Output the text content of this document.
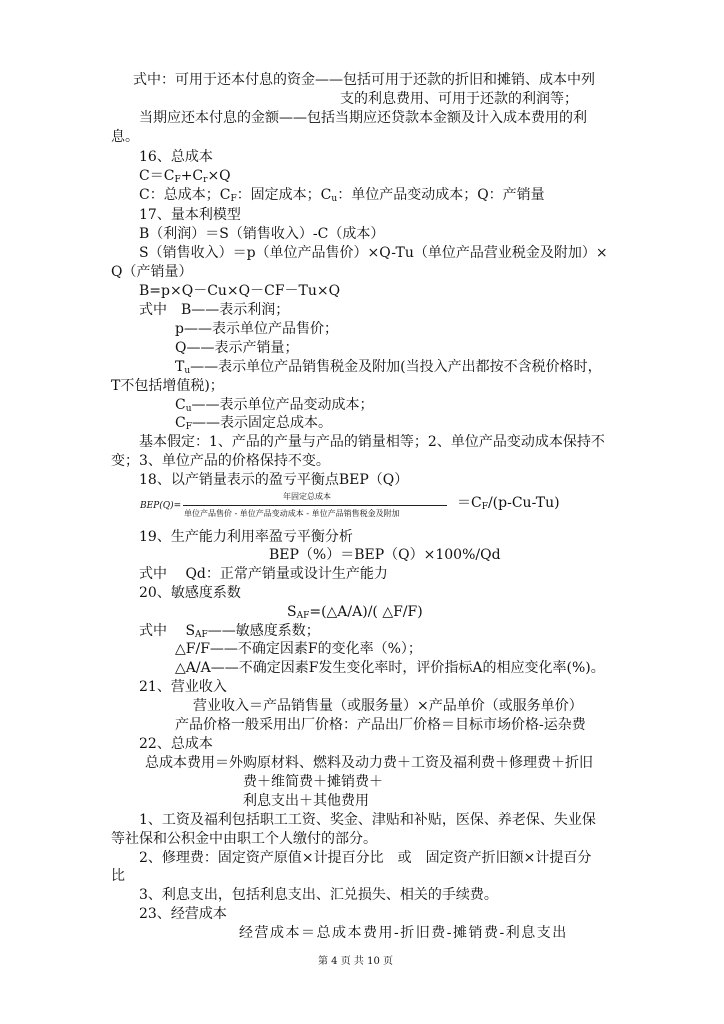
式中：可用于还本付息的资金——包括可用于还款的折旧和摊销、成本中列
支的利息费用、可用于还款的利润等；
当期应还本付息的金额——包括当期应还贷款本金额及计入成本费用的利
息。
16、总成本
$C=C_F+C_r\times Q$
C：总成本；$C_F$：固定成本；$C_u$：单位产品变动成本；Q：产销量
17、量本利模型
B（利润）＝S（销售收入）-C（成本）
S（销售收入）＝p（单位产品售价）×Q-Tu（单位产品营业税金及附加）×
Q（产销量）
B=p×Q－Cu×Q－CF－Tu×Q
式中　B——表示利润；
p——表示单位产品售价；
Q——表示产销量；
$T_u——$表示单位产品销售税金及附加(当投入产出都按不含税价格时，
T不包括增值税)；
$C_u——$表示单位产品变动成本；
$C_F——$表示固定总成本。
基本假定：1、产品的产量与产品的销量相等；2、单位产品变动成本保持不
变；3、单位产品的价格保持不变。
18、以产销量表示的盈亏平衡点BEP（Q）
BEP(Q)=
年固定总成本
单位产品售价 - 单位产品变动成本 - 单位产品销售税金及附加
$=C_F/(p-Cu-Tu)$
19、生产能力利用率盈亏平衡分析
BEP（%）＝BEP（Q）×100%/Qd
式中　 Qd：正常产销量或设计生产能力
20、敏感度系数
$S_{AF}=(\triangle A/A)/$( △F/F)
式中　 $S_{AF}——$敏感度系数；
△F/F——不确定因素F的变化率（%）；
△A/A——不确定因素F发生变化率时，评价指标A的相应变化率(%)。
21、营业收入
营业收入＝产品销售量（或服务量）×产品单价（或服务单价）
产品价格一般采用出厂价格：产品出厂价格＝目标市场价格-运杂费
22、总成本
总成本费用＝外购原材料、燃料及动力费＋工资及福利费＋修理费＋折旧
费＋维简费＋摊销费＋
利息支出＋其他费用
1、工资及福利包括职工工资、奖金、津贴和补贴，医保、养老保、失业保
等社保和公积金中由职工个人缴付的部分。
2、修理费：固定资产原值×计提百分比　或　固定资产折旧额×计提百分
比
3、利息支出，包括利息支出、汇兑损失、相关的手续费。
23、经营成本
经营成本＝总成本费用-折旧费-摊销费-利息支出
第 4 页 共 10 页
